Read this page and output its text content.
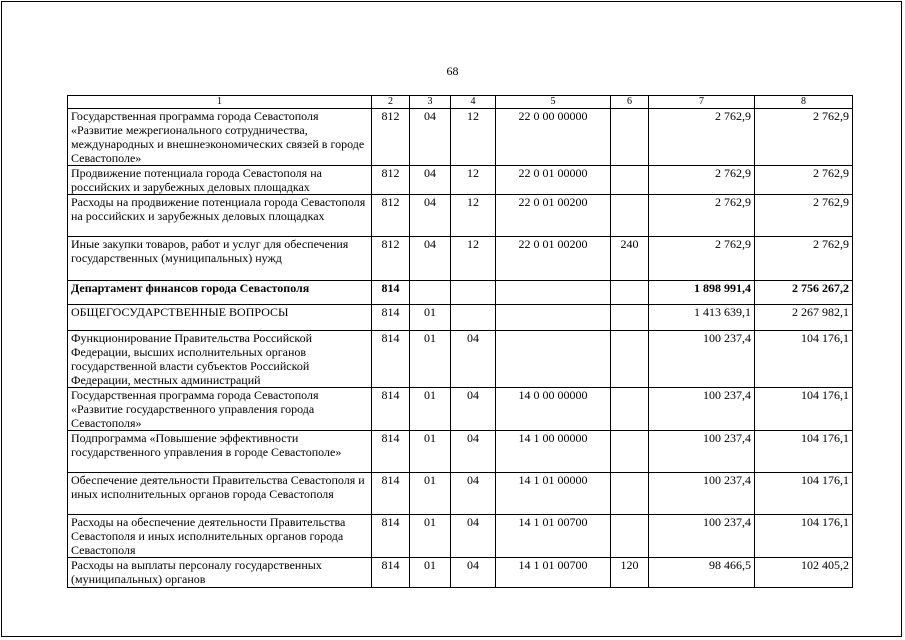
68
1	2	3	4	5	6	7	8
Государственная программа города Севастополя «Развитие межрегионального сотрудничества, международных и внешнеэкономических связей в городе Севастополе»	812	04	12	22 0 00 00000		2 762,9	2 762,9
Продвижение потенциала города Севастополя на российских и зарубежных деловых площадках	812	04	12	22 0 01 00000		2 762,9	2 762,9
Расходы на продвижение потенциала города Севастополя на российских и зарубежных деловых площадках	812	04	12	22 0 01 00200		2 762,9	2 762,9
Иные закупки товаров, работ и услуг для обеспечения государственных (муниципальных) нужд	812	04	12	22 0 01 00200	240	2 762,9	2 762,9
Департамент финансов города Севастополя	814					1 898 991,4	2 756 267,2
ОБЩЕГОСУДАРСТВЕННЫЕ ВОПРОСЫ	814	01				1 413 639,1	2 267 982,1
Функционирование Правительства Российской Федерации, высших исполнительных органов государственной власти субъектов Российской Федерации, местных администраций	814	01	04			100 237,4	104 176,1
Государственная программа города Севастополя «Развитие государственного управления города Севастополя»	814	01	04	14 0 00 00000		100 237,4	104 176,1
Подпрограмма «Повышение эффективности государственного управления в городе Севастополе»	814	01	04	14 1 00 00000		100 237,4	104 176,1
Обеспечение деятельности Правительства Севастополя и иных исполнительных органов города Севастополя	814	01	04	14 1 01 00000		100 237,4	104 176,1
Расходы на обеспечение деятельности Правительства Севастополя и иных исполнительных органов города Севастополя	814	01	04	14 1 01 00700		100 237,4	104 176,1
Расходы на выплаты персоналу государственных (муниципальных) органов	814	01	04	14 1 01 00700	120	98 466,5	102 405,2
